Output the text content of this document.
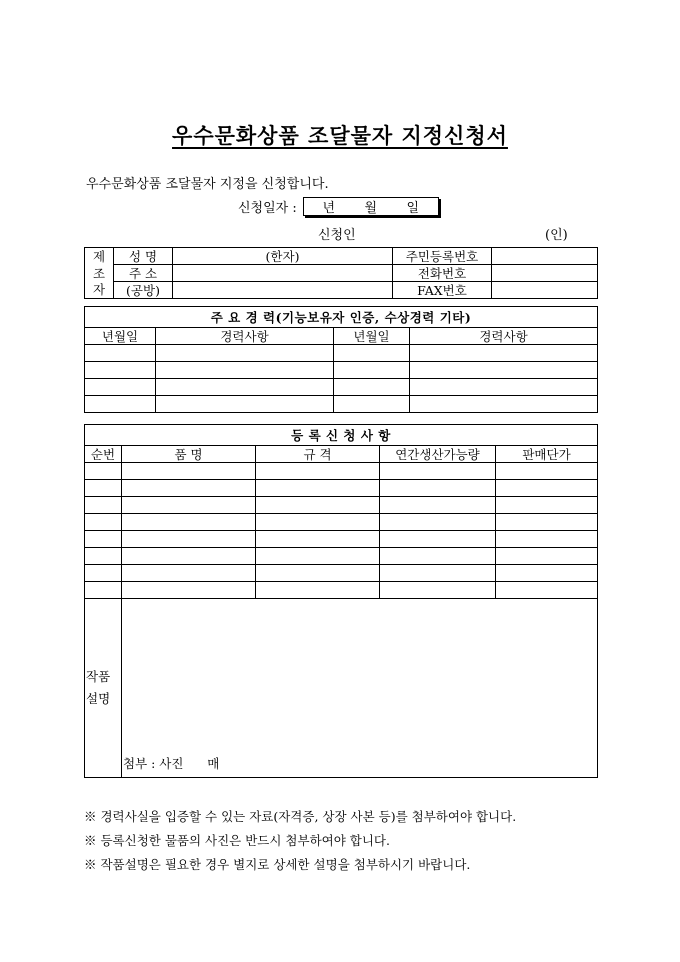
우수문화상품 조달물자 지정신청서
우수문화상품 조달물자 지정을 신청합니다.
신청일자 : 년 월 일
신청인	(인)
제	성 명	(한자)	주민등록번호	
조	주 소		전화번호	
자	(공방)		FAX번호	
주 요 경 력(기능보유자 인증, 수상경력 기타)			
년월일	경력사항	년월일	경력사항

등 록 신 청 사 항				
순번	품 명	규 격	연간생산가능량	판매단가

작품설명	첨부 : 사진      매			
※ 경력사실을 입증할 수 있는 자료(자격증, 상장 사본 등)를 첨부하여야 합니다.
※ 등록신청한 물품의 사진은 반드시 첨부하여야 합니다.
※ 작품설명은 필요한 경우 별지로 상세한 설명을 첨부하시기 바랍니다.
